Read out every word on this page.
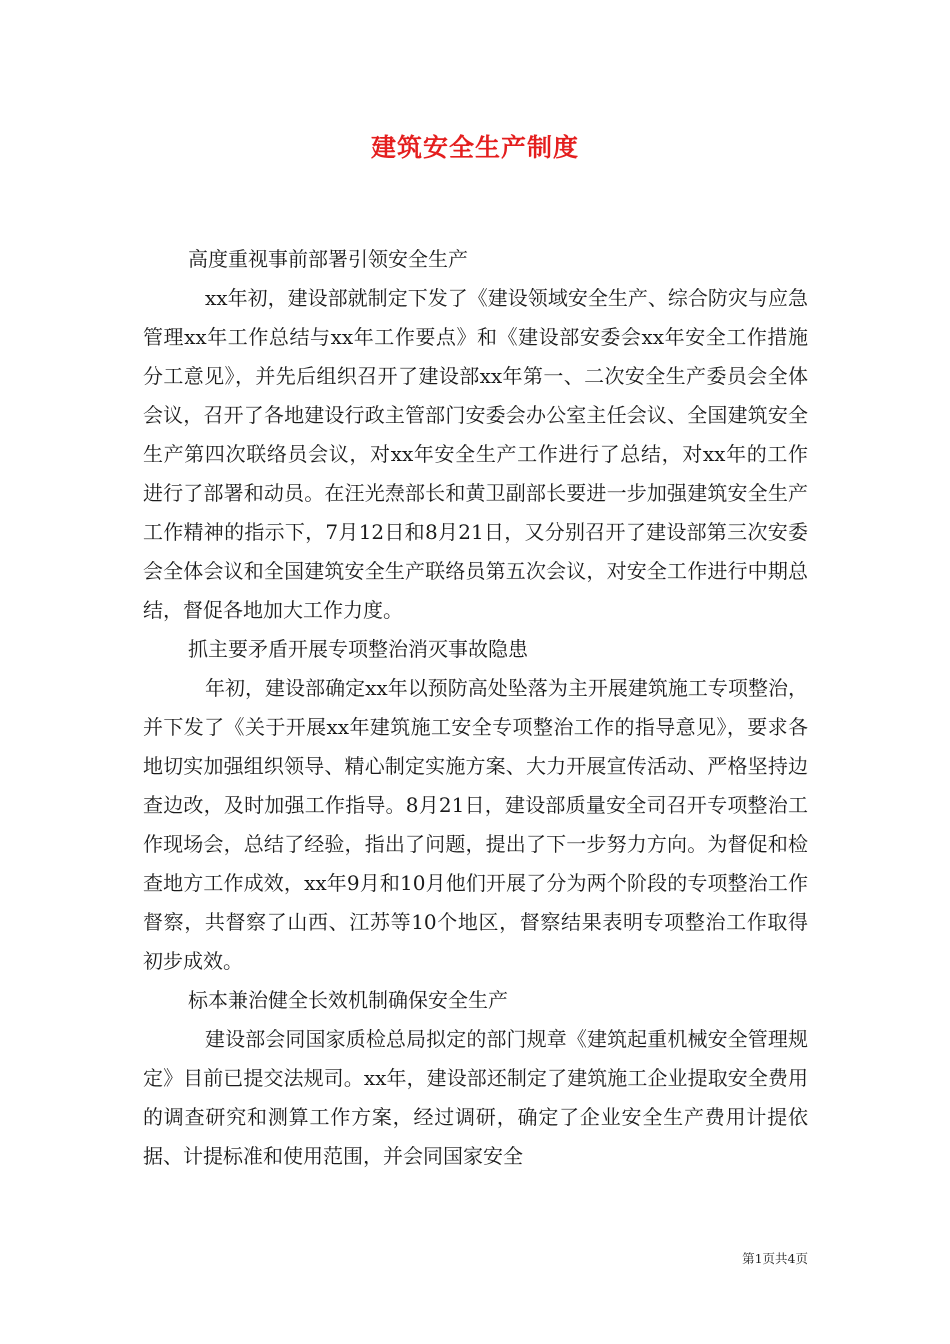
建筑安全生产制度

高度重视事前部署引领安全生产

xx年初，建设部就制定下发了《建设领域安全生产、综合防灾与应急管理xx年工作总结与xx年工作要点》和《建设部安委会xx年安全工作措施分工意见》，并先后组织召开了建设部xx年第一、二次安全生产委员会全体会议，召开了各地建设行政主管部门安委会办公室主任会议、全国建筑安全生产第四次联络员会议，对xx年安全生产工作进行了总结，对xx年的工作进行了部署和动员。在汪光焘部长和黄卫副部长要进一步加强建筑安全生产工作精神的指示下，7月12日和8月21日，又分别召开了建设部第三次安委会全体会议和全国建筑安全生产联络员第五次会议，对安全工作进行中期总结，督促各地加大工作力度。

抓主要矛盾开展专项整治消灭事故隐患

年初，建设部确定xx年以预防高处坠落为主开展建筑施工专项整治，并下发了《关于开展xx年建筑施工安全专项整治工作的指导意见》，要求各地切实加强组织领导、精心制定实施方案、大力开展宣传活动、严格坚持边查边改，及时加强工作指导。8月21日，建设部质量安全司召开专项整治工作现场会，总结了经验，指出了问题，提出了下一步努力方向。为督促和检查地方工作成效，xx年9月和10月他们开展了分为两个阶段的专项整治工作督察，共督察了山西、江苏等10个地区，督察结果表明专项整治工作取得初步成效。

标本兼治健全长效机制确保安全生产

建设部会同国家质检总局拟定的部门规章《建筑起重机械安全管理规定》目前已提交法规司。xx年，建设部还制定了建筑施工企业提取安全费用的调查研究和测算工作方案，经过调研，确定了企业安全生产费用计提依据、计提标准和使用范围，并会同国家安全

第1页共4页
